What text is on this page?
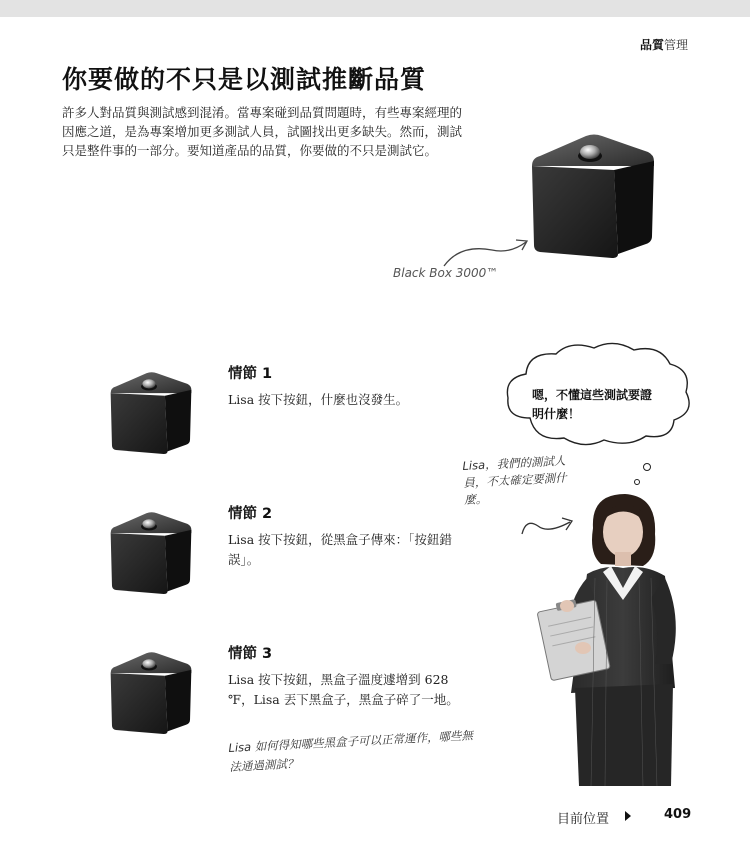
品質管理
你要做的不只是以測試推斷品質
許多人對品質與測試感到混淆。當專案碰到品質問題時，有些專案經理的因應之道，是為專案增加更多測試人員，試圖找出更多缺失。然而，測試只是整件事的一部分。要知道產品的品質，你要做的不只是測試它。
Black Box 3000™
情節 1
Lisa 按下按鈕，什麼也沒發生。
情節 2
Lisa 按下按鈕，從黑盒子傳來：「按鈕錯誤」。
情節 3
Lisa 按下按鈕，黑盒子溫度遽增到 628 ℉，Lisa 丟下黑盒子，黑盒子碎了一地。
嗯，不懂這些測試要證明什麼！
Lisa，我們的測試人員，不太確定要測什麼。
Lisa 如何得知哪些黑盒子可以正常運作，哪些無法通過測試？
目前位置	409
